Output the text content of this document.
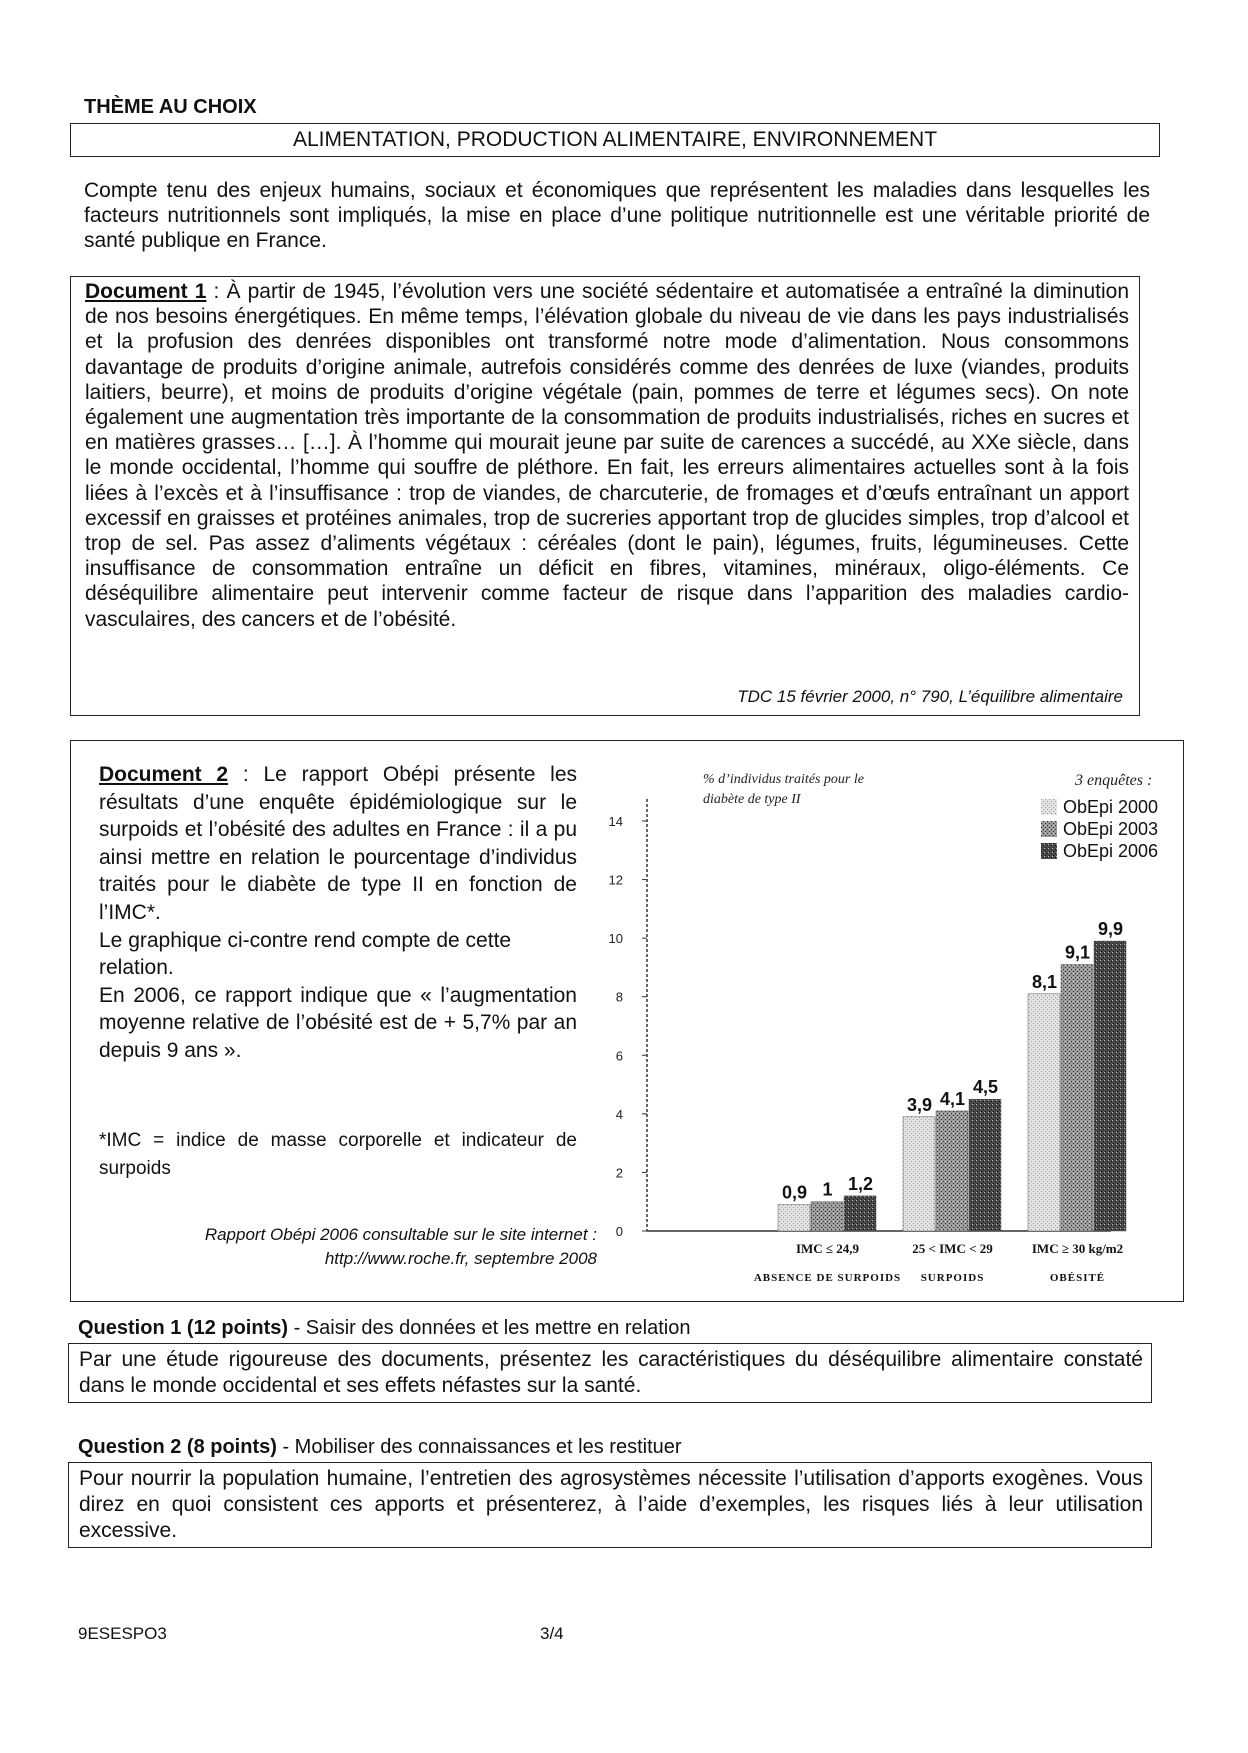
THÈME AU CHOIX
ALIMENTATION, PRODUCTION ALIMENTAIRE, ENVIRONNEMENT
Compte tenu des enjeux humains, sociaux et économiques que représentent les maladies dans lesquelles les facteurs nutritionnels sont impliqués, la mise en place d’une politique nutritionnelle est une véritable priorité de santé publique en France.
Document 1 : À partir de 1945, l’évolution vers une société sédentaire et automatisée a entraîné la diminution de nos besoins énergétiques. En même temps, l’élévation globale du niveau de vie dans les pays industrialisés et la profusion des denrées disponibles ont transformé notre mode d’alimentation. Nous consommons davantage de produits d’origine animale, autrefois considérés comme des denrées de luxe (viandes, produits laitiers, beurre), et moins de produits d’origine végétale (pain, pommes de terre et légumes secs). On note également une augmentation très importante de la consommation de produits industrialisés, riches en sucres et en matières grasses… […]. À l’homme qui mourait jeune par suite de carences a succédé, au XXe siècle, dans le monde occidental, l’homme qui souffre de pléthore. En fait, les erreurs alimentaires actuelles sont à la fois liées à l’excès et à l’insuffisance : trop de viandes, de charcuterie, de fromages et d’œufs entraînant un apport excessif en graisses et protéines animales, trop de sucreries apportant trop de glucides simples, trop d’alcool et trop de sel. Pas assez d’aliments végétaux : céréales (dont le pain), légumes, fruits, légumineuses. Cette insuffisance de consommation entraîne un déficit en fibres, vitamines, minéraux, oligo-éléments. Ce déséquilibre alimentaire peut intervenir comme facteur de risque dans l’apparition des maladies cardio-vasculaires, des cancers et de l’obésité.
TDC 15 février 2000, n° 790, L’équilibre alimentaire
Document 2 : Le rapport Obépi présente les résultats d’une enquête épidémiologique sur le surpoids et l’obésité des adultes en France : il a pu ainsi mettre en relation le pourcentage d’individus traités pour le diabète de type II en fonction de l’IMC*.

Le graphique ci-contre rend compte de cette relation.
En 2006, ce rapport indique que « l’augmentation moyenne relative de l’obésité est de + 5,7% par an depuis 9 ans ».
*IMC = indice de masse corporelle et indicateur de surpoids
Rapport Obépi 2006 consultable sur le site internet :
http://www.roche.fr, septembre 2008
% d’individus traités pour le
diabète de type II
0
2
4
6
8
10
12
14
0,9 1 1,2
3,9 4,1
4,5
8,1
9,1
9,9
IMC ≤ 24,9
ABSENCE DE SURPOIDS
25 < IMC < 29
SURPOIDS
IMC ≥ 30 kg/m2
OBÉSITÉ
3 enquêtes :
ObEpi 2000
ObEpi 2003
ObEpi 2006
Question 1 (12 points) - Saisir des données et les mettre en relation
Par une étude rigoureuse des documents, présentez les caractéristiques du déséquilibre alimentaire constaté dans le monde occidental et ses effets néfastes sur la santé.
Question 2 (8 points) - Mobiliser des connaissances et les restituer
Pour nourrir la population humaine, l’entretien des agrosystèmes nécessite l’utilisation d’apports exogènes. Vous direz en quoi consistent ces apports et présenterez, à l’aide d’exemples, les risques liés à leur utilisation excessive.
9ESESPO3	3/4
